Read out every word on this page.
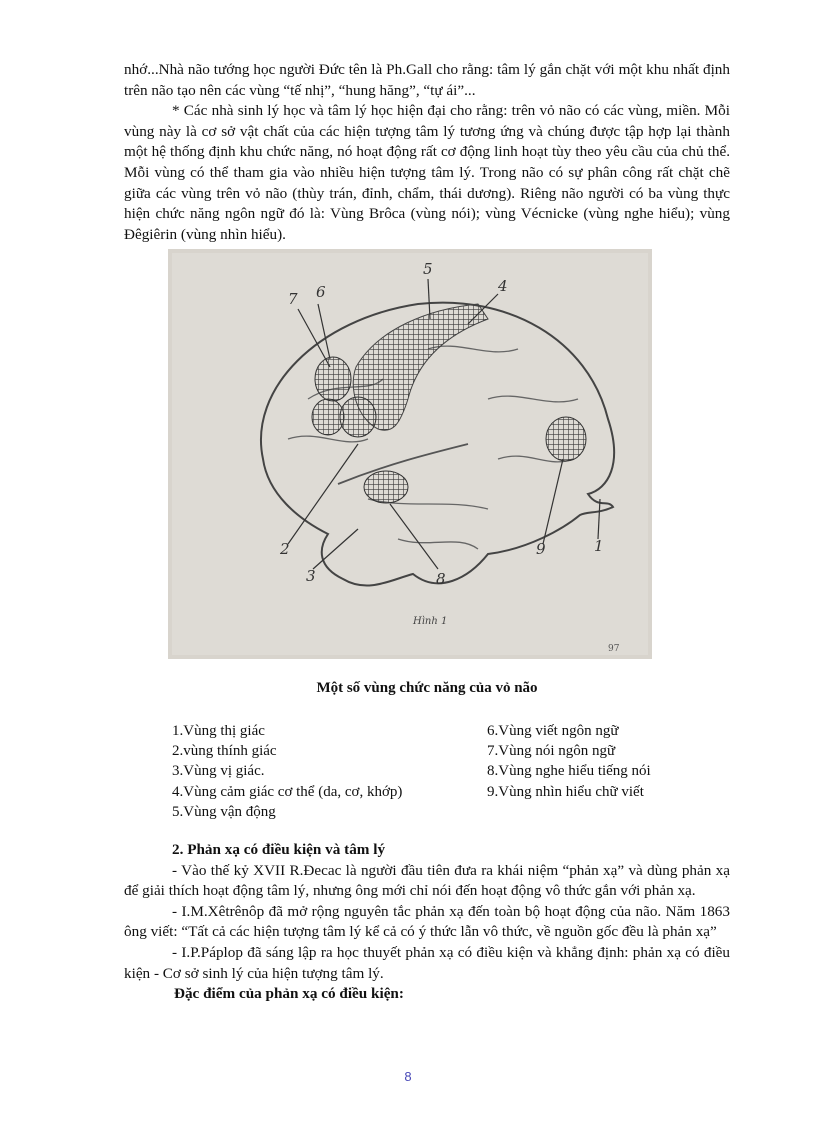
nhớ...Nhà não tướng học người Đức tên là Ph.Gall cho rằng: tâm lý gắn chặt với một khu nhất định trên não tạo nên các vùng “tế nhị”, “hung hăng”, “tự ái”...

* Các nhà sinh lý học và tâm lý học hiện đại cho rằng: trên vỏ não có các vùng, miền. Mỗi vùng này là cơ sở vật chất của các hiện tượng tâm lý tương ứng và chúng được tập hợp lại thành một hệ thống định khu chức năng, nó hoạt động rất cơ động linh hoạt tùy theo yêu cầu của chủ thể. Mỗi vùng có thể tham gia vào nhiều hiện tượng tâm lý. Trong não có sự phân công rất chặt chẽ giữa các vùng trên vỏ não (thùy trán, đỉnh, chẩm, thái dương). Riêng não người có ba vùng thực hiện chức năng ngôn ngữ đó là: Vùng Brôca (vùng nói); vùng Vécnicke (vùng nghe hiểu); vùng Đêgiêrin (vùng nhìn hiểu).

7 6
5
4
2
3	8
9	1
Hình 1
97
Một số vùng chức năng của vỏ não
1.Vùng thị giác
2.vùng thính giác
3.Vùng vị giác.
4.Vùng cảm giác cơ thể (da, cơ, khớp)
5.Vùng vận động
6.Vùng viết ngôn ngữ
7.Vùng nói ngôn ngữ
8.Vùng nghe hiểu tiếng nói
9.Vùng nhìn hiểu chữ viết
2. Phản xạ có điều kiện và tâm lý

- Vào thế kỷ XVII R.Đecac là người đầu tiên đưa ra khái niệm “phản xạ” và dùng phản xạ để giải thích hoạt động tâm lý, nhưng ông mới chỉ nói đến hoạt động vô thức gắn với phản xạ.

- I.M.Xêtrênôp đã mở rộng nguyên tắc phản xạ đến toàn bộ hoạt động của não. Năm 1863 ông viết: “Tất cả các hiện tượng tâm lý kể cả có ý thức lẫn vô thức, về nguồn gốc đều là phản xạ”

- I.P.Páplop đã sáng lập ra học thuyết phản xạ có điều kiện và khẳng định: phản xạ có điều kiện - Cơ sở sinh lý của hiện tượng tâm lý.

Đặc điểm của phản xạ có điều kiện:
8
